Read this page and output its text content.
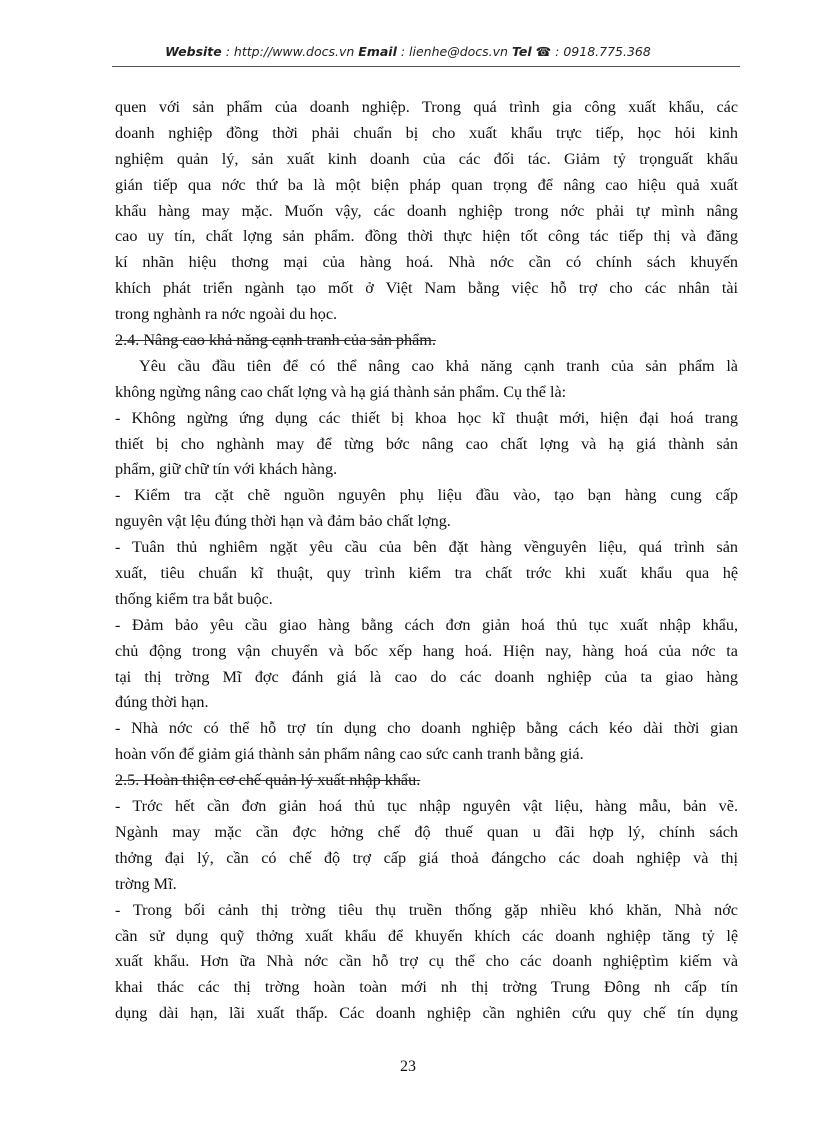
Website : http://www.docs.vn Email : lienhe@docs.vn Tel ☎ : 0918.775.368
quen với sản phẩm của doanh nghiệp. Trong quá trình gia công xuất khẩu, các
doanh nghiệp đồng thời phải chuẩn bị cho xuất khẩu trực tiếp, học hỏi kinh
nghiệm quản lý, sản xuất kinh doanh của các đối tác. Giảm tỷ trọnguất khẩu
gián tiếp qua nớc thứ ba là một biện pháp quan trọng để nâng cao hiệu quả xuất
khẩu hàng may mặc. Muốn vậy, các doanh nghiệp trong nớc phải tự mình nâng
cao uy tín, chất lợng sản phẩm. đồng thời thực hiện tốt công tác tiếp thị và đăng
kí nhãn hiệu thơng mại của hàng hoá. Nhà nớc cần có chính sách khuyến
khích phát triển ngành tạo mốt ở Việt Nam bằng việc hỗ trợ cho các nhân tài
trong nghành ra nớc ngoài du học.
2.4. Nâng cao khả năng cạnh tranh của sản phẩm.
Yêu cầu đầu tiên để có thể nâng cao khả năng cạnh tranh của sản phẩm là
không ngừng nâng cao chất lợng và hạ giá thành sản phẩm. Cụ thể là:
- Không ngừng ứng dụng các thiết bị khoa học kĩ thuật mới, hiện đại hoá trang
thiết bị cho nghành may để từng bớc nâng cao chất lợng và hạ giá thành sản
phẩm, giữ chữ tín với khách hàng.
- Kiểm tra cặt chẽ nguồn nguyên phụ liệu đầu vào, tạo bạn hàng cung cấp
nguyên vật lệu đúng thời hạn và đảm bảo chất lợng.
- Tuân thủ nghiêm ngặt yêu cầu của bên đặt hàng vềnguyên liệu, quá trình sản
xuất, tiêu chuẩn kĩ thuật, quy trình kiểm tra chất trớc khi xuất khẩu qua hệ
thống kiểm tra bắt buộc.
- Đảm bảo yêu cầu giao hàng bằng cách đơn giản hoá thủ tục xuất nhập khẩu,
chủ động trong vận chuyển và bốc xếp hang hoá. Hiện nay, hàng hoá của nớc ta
tại thị trờng Mĩ đợc đánh giá là cao do các doanh nghiệp của ta giao hàng
đúng thời hạn.
- Nhà nớc có thể hỗ trợ tín dụng cho doanh nghiệp bằng cách kéo dài thời gian
hoàn vốn để giảm giá thành sản phẩm nâng cao sức canh tranh bằng giá.
2.5. Hoàn thiện cơ chế quản lý xuất nhập khẩu.
- Trớc hết cần đơn giản hoá thủ tục nhập nguyên vật liệu, hàng mẫu, bản vẽ.
Ngành may mặc cần đợc hởng chế độ thuế quan u đãi hợp lý, chính sách
thởng đại lý, cần có chế độ trợ cấp giá thoả đángcho các doah nghiệp và thị
trờng Mĩ.
- Trong bối cảnh thị trờng tiêu thụ truền thống gặp nhiều khó khăn, Nhà nớc
cần sử dụng quỹ thởng xuất khẩu để khuyến khích các doanh nghiệp tăng tỷ lệ
xuất khẩu. Hơn ữa Nhà nớc cần hỗ trợ cụ thể cho các doanh nghiệptìm kiếm và
khai thác các thị trờng hoàn toàn mới nh thị trờng Trung Đông nh cấp tín
dụng dài hạn, lãi xuất thấp. Các doanh nghiệp cần nghiên cứu quy chế tín dụng
23
